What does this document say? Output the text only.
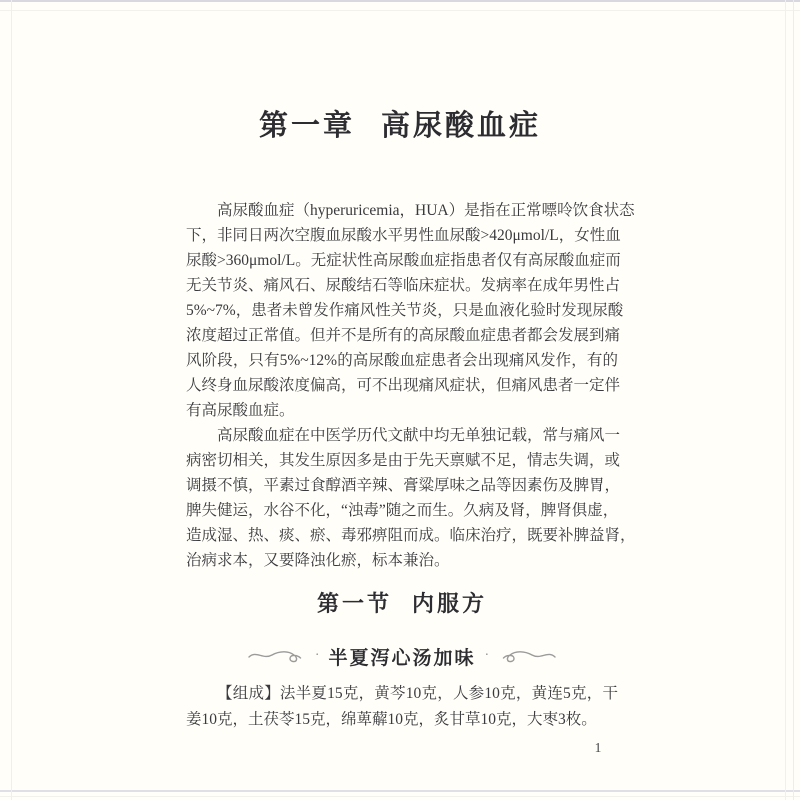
第一章 高尿酸血症
高尿酸血症（hyperuricemia，HUA）是指在正常嘌呤饮食状态
下，非同日两次空腹血尿酸水平男性血尿酸>420μmol/L，女性血
尿酸>360μmol/L。无症状性高尿酸血症指患者仅有高尿酸血症而
无关节炎、痛风石、尿酸结石等临床症状。发病率在成年男性占
5%~7%，患者未曾发作痛风性关节炎，只是血液化验时发现尿酸
浓度超过正常值。但并不是所有的高尿酸血症患者都会发展到痛
风阶段，只有5%~12%的高尿酸血症患者会出现痛风发作，有的
人终身血尿酸浓度偏高，可不出现痛风症状，但痛风患者一定伴
有高尿酸血症。
高尿酸血症在中医学历代文献中均无单独记载，常与痛风一
病密切相关，其发生原因多是由于先天禀赋不足，情志失调，或
调摄不慎，平素过食醇酒辛辣、膏粱厚味之品等因素伤及脾胃，
脾失健运，水谷不化，“浊毒”随之而生。久病及肾，脾肾俱虚，
造成湿、热、痰、瘀、毒邪痹阻而成。临床治疗，既要补脾益肾，
治病求本，又要降浊化瘀，标本兼治。
第一节 内服方
· 半夏泻心汤加味 ·
【组成】法半夏15克，黄芩10克，人参10克，黄连5克，干
姜10克，土茯苓15克，绵萆薢10克，炙甘草10克，大枣3枚。
1
